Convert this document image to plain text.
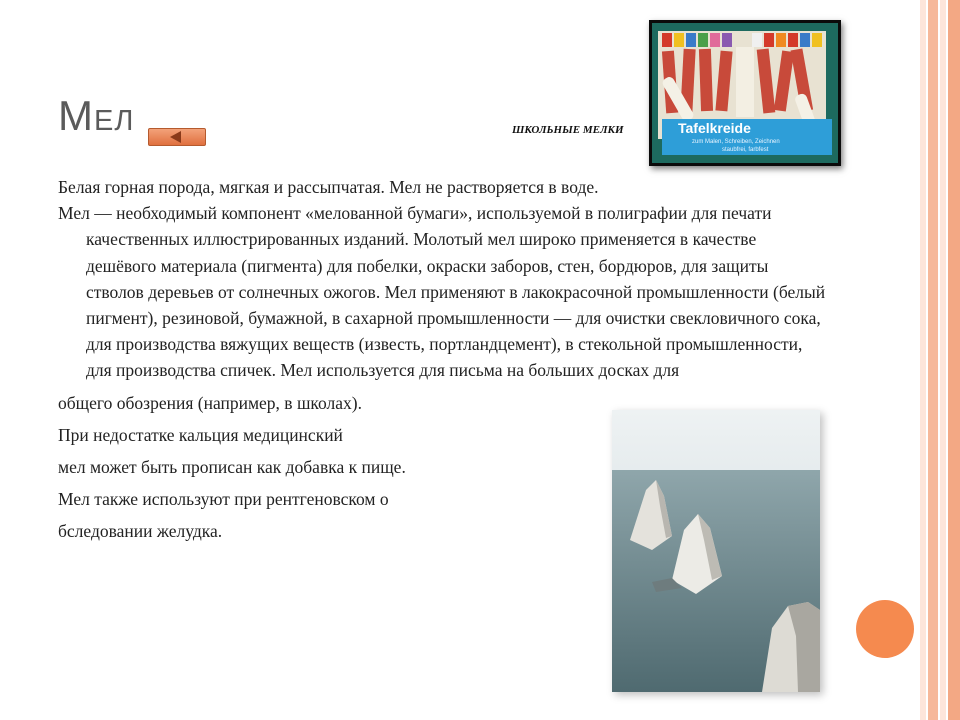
Мел	ШКОЛЬНЫЕ МЕЛКИ	Tafelkreide
zum Malen, Schreiben, Zeichnen
staubfrei, farbfest

Белая горная порода, мягкая и рассыпчатая. Мел не растворяется в воде.

Мел — необходимый компонент «мелованной бумаги», используемой в полиграфии для печати качественных иллюстрированных изданий. Молотый мел широко применяется в качестве дешёвого материала (пигмента) для побелки, окраски заборов, стен, бордюров, для защиты стволов деревьев от солнечных ожогов. Мел применяют в лакокрасочной промышленности (белый пигмент), резиновой, бумажной, в сахарной промышленности — для очистки свекловичного сока, для производства вяжущих веществ (известь, портландцемент), в стекольной промышленности, для производства спичек. Мел используется для письма на больших досках для

общего обозрения (например, в школах).

При недостатке кальция медицинский

мел может быть прописан как добавка к пище.

Мел также используют при рентгеновском о

бследовании желудка.
